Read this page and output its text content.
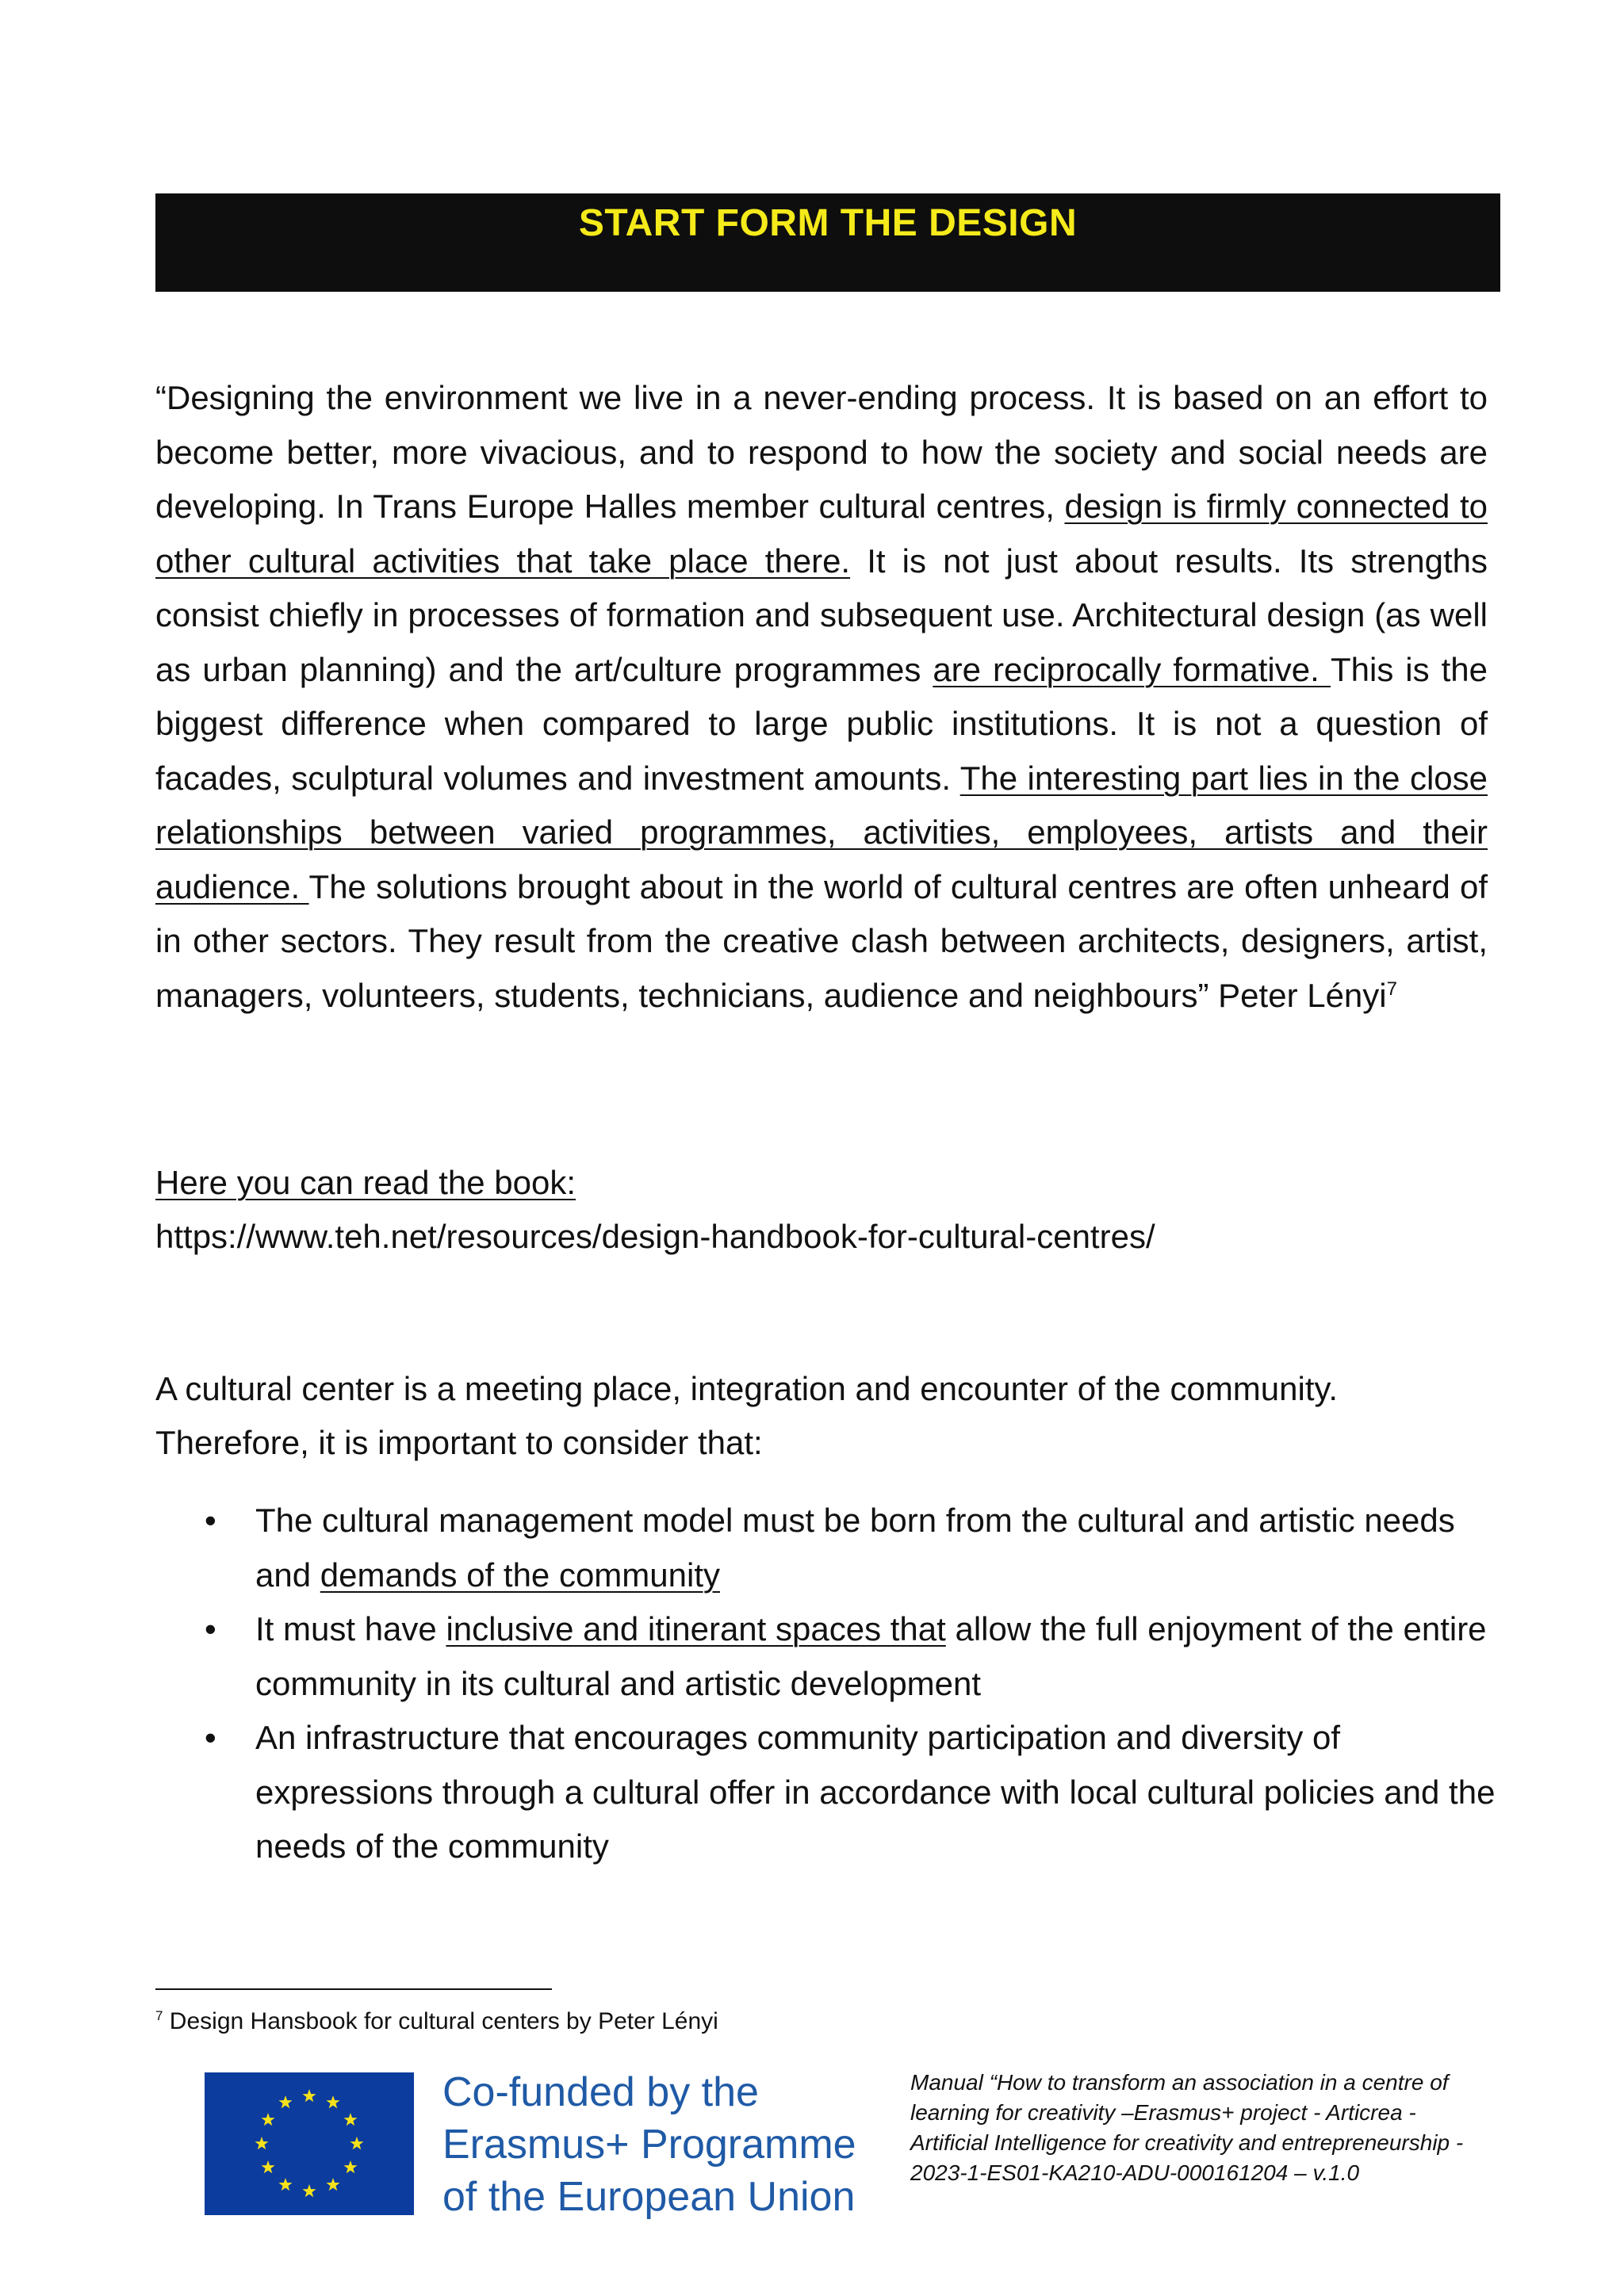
START FORM THE DESIGN

“Designing the environment we live in a never-ending process. It is based on an effort to become better, more vivacious, and to respond to how the society and social needs are developing. In Trans Europe Halles member cultural centres, design is firmly connected to other cultural activities that take place there. It is not just about results. Its strengths consist chiefly in processes of formation and subsequent use. Architectural design (as well as urban planning) and the art/culture programmes are reciprocally formative. This is the biggest difference when compared to large public institutions. It is not a question of facades, sculptural volumes and investment amounts. The interesting part lies in the close relationships between varied programmes, activities, employees, artists and their audience. The solutions brought about in the world of cultural centres are often unheard of in other sectors. They result from the creative clash between architects, designers, artist, managers, volunteers, students, technicians, audience and neighbours” Peter Lényi$^7$

Here you can read the book:
https://www.teh.net/resources/design-handbook-for-cultural-centres/

A cultural center is a meeting place, integration and encounter of the community. Therefore, it is important to consider that:

• The cultural management model must be born from the cultural and artistic needs and demands of the community
• It must have inclusive and itinerant spaces that allow the full enjoyment of the entire community in its cultural and artistic development
• An infrastructure that encourages community participation and diversity of expressions through a cultural offer in accordance with local cultural policies and the needs of the community

$^7$ Design Hansbook for cultural centers by Peter Lényi

Co-funded by the
Erasmus+ Programme
of the European Union

Manual “How to transform an association in a centre of learning for creativity –Erasmus+ project - Articrea - Artificial Intelligence for creativity and entrepreneurship - 2023-1-ES01-KA210-ADU-000161204 – v.1.0
